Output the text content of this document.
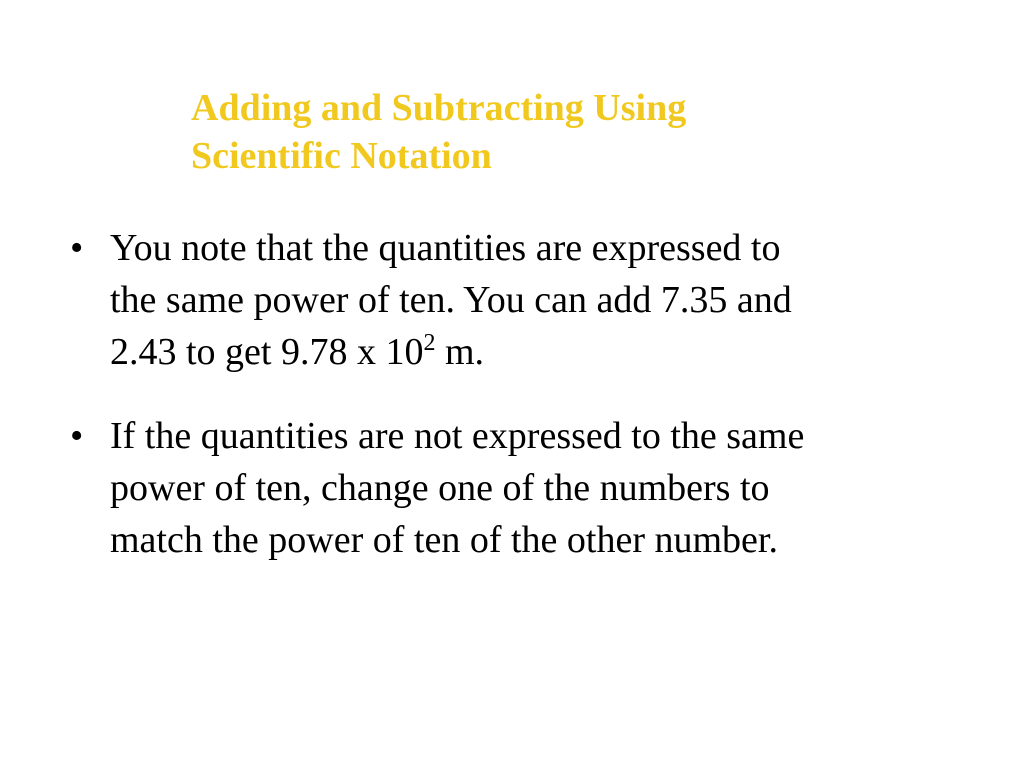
Adding and Subtracting Using
Scientific Notation
• You note that the quantities are expressed to
the same power of ten. You can add 7.35 and
2.43 to get 9.78 x $10^2$ m.
• If the quantities are not expressed to the same
power of ten, change one of the numbers to
match the power of ten of the other number.
